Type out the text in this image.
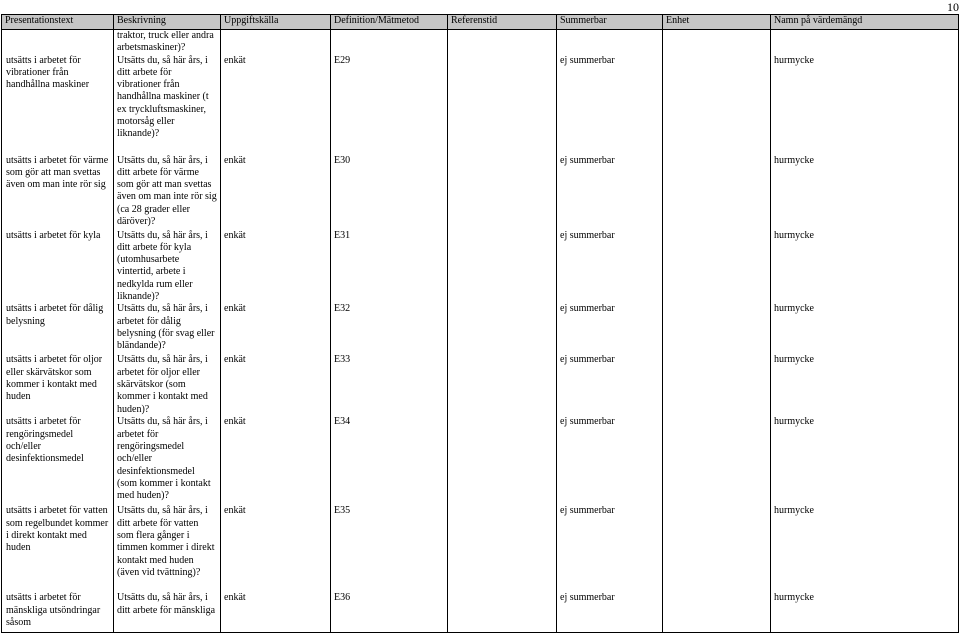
10
Presentationstext	Beskrivning	Uppgiftskälla	Definition/Mätmetod	Referenstid	Summerbar	Enhet	Namn på värdemängd
	traktor, truck eller andra arbetsmaskiner)?						
utsätts i arbetet för vibrationer från handhållna maskiner	Utsätts du, så här års, i ditt arbete för vibrationer från handhållna maskiner (t ex tryckluftsmaskiner, motorsåg eller liknande)?	enkät	E29		ej summerbar		hurmycke
utsätts i arbetet för värme som gör att man svettas även om man inte rör sig	Utsätts du, så här års, i ditt arbete för värme som gör att man svettas även om man inte rör sig (ca 28 grader eller däröver)?	enkät	E30		ej summerbar		hurmycke
utsätts i arbetet för kyla	Utsätts du, så här års, i ditt arbete för kyla (utomhusarbete vintertid, arbete i nedkylda rum eller liknande)?	enkät	E31		ej summerbar		hurmycke
utsätts i arbetet för dålig belysning	Utsätts du, så här års, i arbetet för dålig belysning (för svag eller bländande)?	enkät	E32		ej summerbar		hurmycke
utsätts i arbetet för oljor eller skärvätskor som kommer i kontakt med huden	Utsätts du, så här års, i arbetet för oljor eller skärvätskor (som kommer i kontakt med huden)?	enkät	E33		ej summerbar		hurmycke
utsätts i arbetet för rengöringsmedel och/eller desinfektionsmedel	Utsätts du, så här års, i arbetet för rengöringsmedel och/eller desinfektionsmedel (som kommer i kontakt med huden)?	enkät	E34		ej summerbar		hurmycke
utsätts i arbetet för vatten som regelbundet kommer i direkt kontakt med huden	Utsätts du, så här års, i ditt arbete för vatten som flera gånger i timmen kommer i direkt kontakt med huden (även vid tvättning)?	enkät	E35		ej summerbar		hurmycke
utsätts i arbetet för mänskliga utsöndringar såsom	Utsätts du, så här års, i ditt arbete för mänskliga	enkät	E36		ej summerbar		hurmycke
